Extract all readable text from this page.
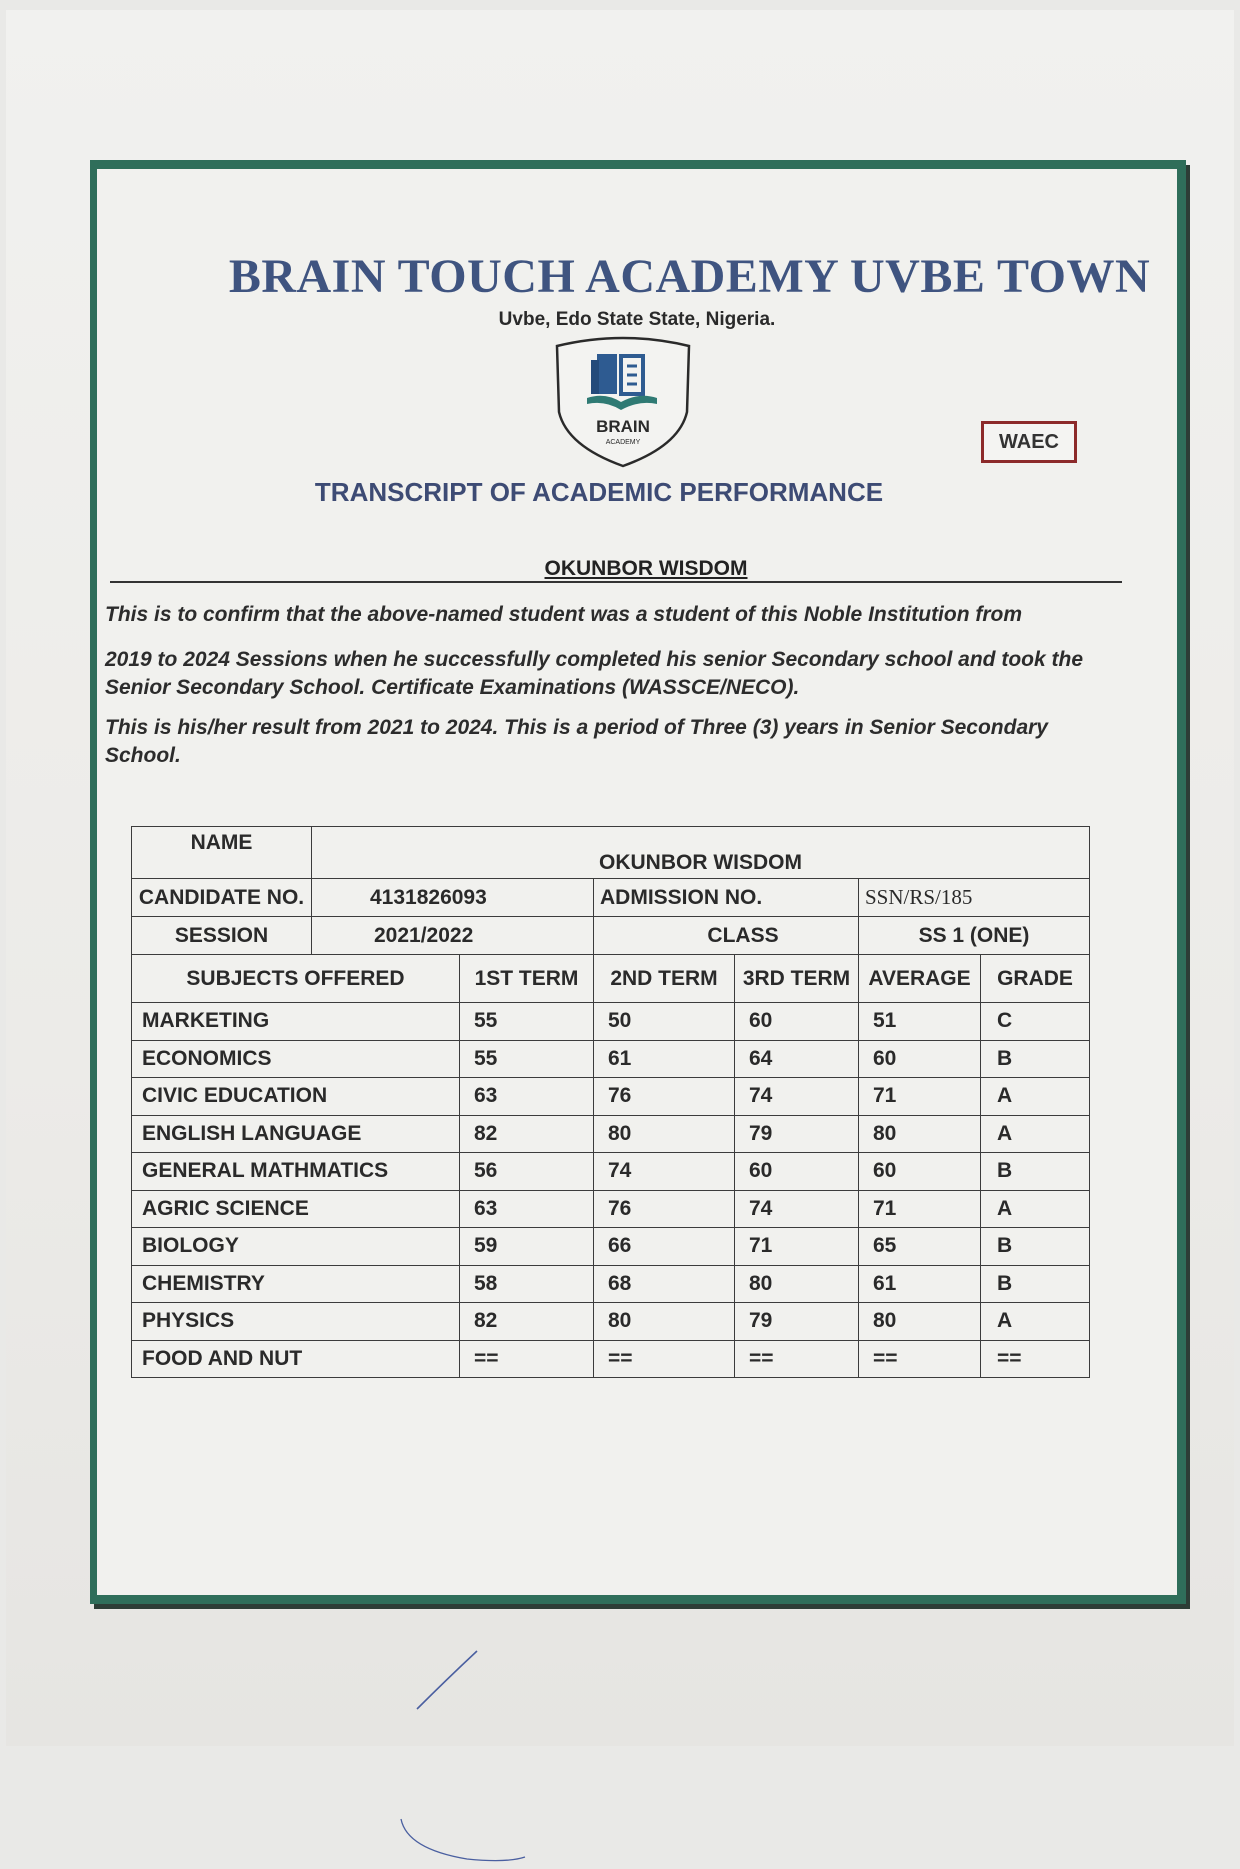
BRAIN TOUCH ACADEMY UVBE TOWN
Uvbe, Edo State State, Nigeria.
BRAIN
ACADEMY	WAEC
TRANSCRIPT OF ACADEMIC PERFORMANCE
OKUNBOR WISDOM
This is to confirm that the above-named student was a student of this Noble Institution from
2019 to 2024 Sessions when he successfully completed his senior Secondary school and took the Senior Secondary School. Certificate Examinations (WASSCE/NECO).
This is his/her result from 2021 to 2024. This is a period of Three (3) years in Senior Secondary School.
NAME	OKUNBOR WISDOM					
CANDIDATE NO.	4131826093		ADMISSION NO.		SSN/RS/185	
SESSION	2021/2022		CLASS		SS 1 (ONE)	
SUBJECTS OFFERED		1ST TERM	2ND TERM	3RD TERM	AVERAGE	GRADE
MARKETING		55	50	60	51	C
ECONOMICS		55	61	64	60	B
CIVIC EDUCATION		63	76	74	71	A
ENGLISH LANGUAGE		82	80	79	80	A
GENERAL MATHMATICS		56	74	60	60	B
AGRIC SCIENCE		63	76	74	71	A
BIOLOGY		59	66	71	65	B
CHEMISTRY		58	68	80	61	B
PHYSICS		82	80	79	80	A
FOOD AND NUT		==	==	==	==	==
